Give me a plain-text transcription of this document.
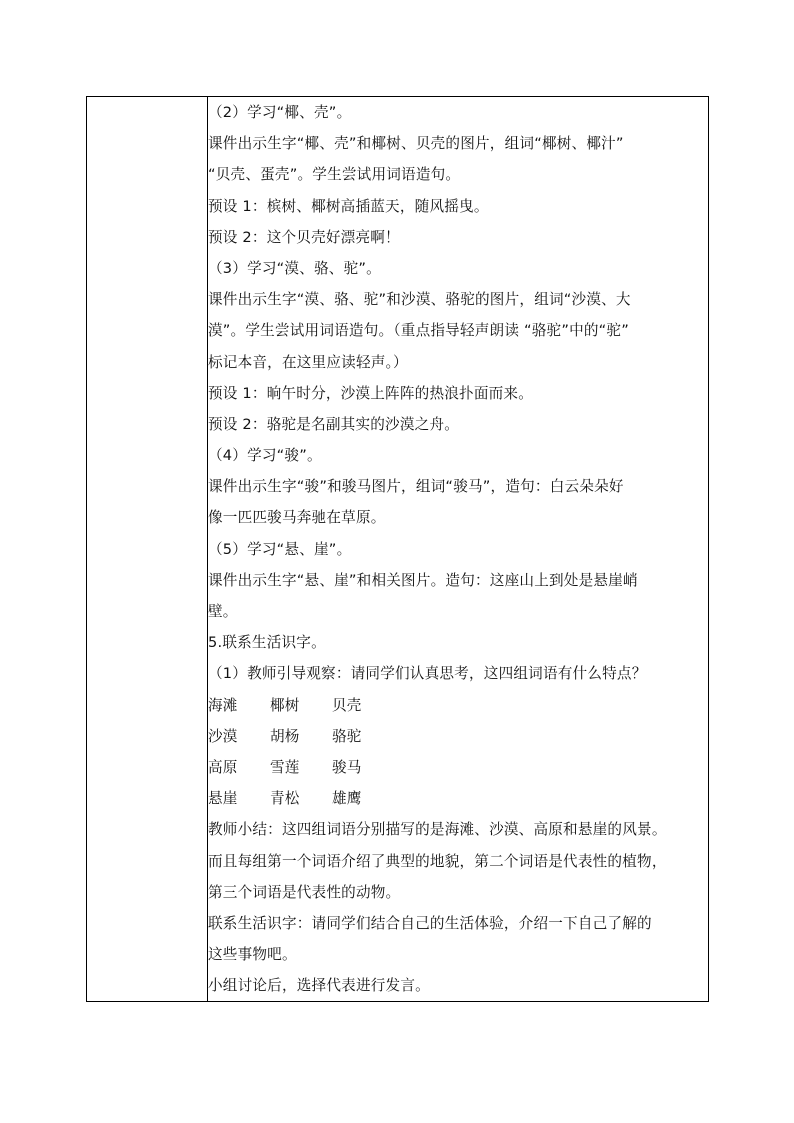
（2）学习“椰、壳”。
课件出示生字“椰、壳”和椰树、贝壳的图片，组词“椰树、椰汁”
“贝壳、蛋壳”。学生尝试用词语造句。
预设 1：槟树、椰树高插蓝天，随风摇曳。
预设 2：这个贝壳好漂亮啊！
（3）学习“漠、骆、驼”。
课件出示生字“漠、骆、驼”和沙漠、骆驼的图片，组词“沙漠、大
漠”。学生尝试用词语造句。（重点指导轻声朗读 “骆驼”中的“驼”
标记本音，在这里应读轻声。）
预设 1：晌午时分，沙漠上阵阵的热浪扑面而来。
预设 2：骆驼是名副其实的沙漠之舟。
（4）学习“骏”。
课件出示生字“骏”和骏马图片，组词“骏马”，造句：白云朵朵好
像一匹匹骏马奔驰在草原。
（5）学习“悬、崖”。
课件出示生字“悬、崖”和相关图片。造句：这座山上到处是悬崖峭
壁。
5.联系生活识字。
（1）教师引导观察：请同学们认真思考，这四组词语有什么特点？
海滩 椰树 贝壳
沙漠 胡杨 骆驼
高原 雪莲 骏马
悬崖 青松 雄鹰
教师小结：这四组词语分别描写的是海滩、沙漠、高原和悬崖的风景。
而且每组第一个词语介绍了典型的地貌，第二个词语是代表性的植物，
第三个词语是代表性的动物。
联系生活识字：请同学们结合自己的生活体验，介绍一下自己了解的
这些事物吧。
小组讨论后，选择代表进行发言。
